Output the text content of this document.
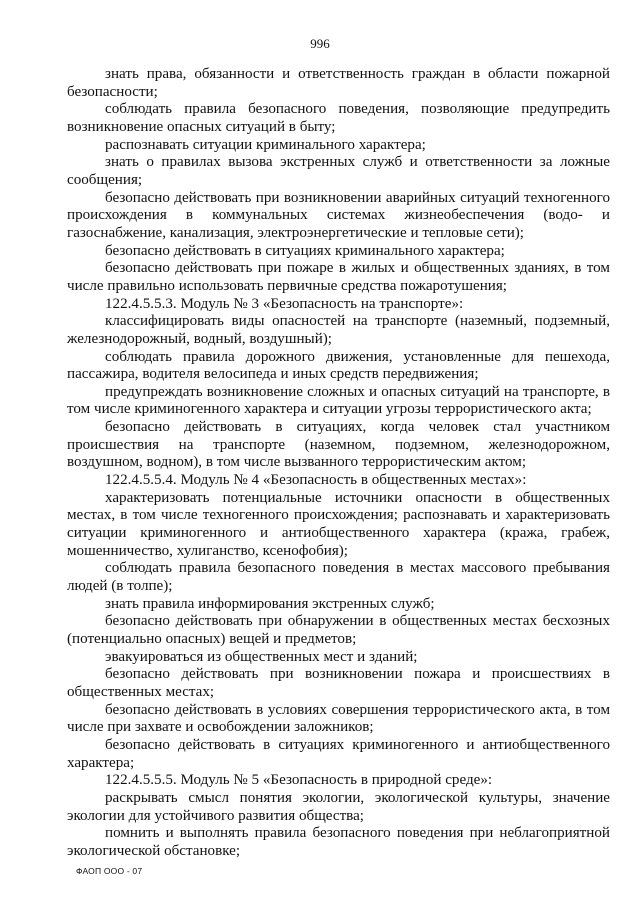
996

знать права, обязанности и ответственность граждан в области пожарной безопасности;

соблюдать правила безопасного поведения, позволяющие предупредить возникновение опасных ситуаций в быту;

распознавать ситуации криминального характера;

знать о правилах вызова экстренных служб и ответственности за ложные сообщения;

безопасно действовать при возникновении аварийных ситуаций техногенного происхождения в коммунальных системах жизнеобеспечения (водо- и газоснабжение, канализация, электроэнергетические и тепловые сети);

безопасно действовать в ситуациях криминального характера;

безопасно действовать при пожаре в жилых и общественных зданиях, в том числе правильно использовать первичные средства пожаротушения;

122.4.5.5.3. Модуль № 3 «Безопасность на транспорте»:

классифицировать виды опасностей на транспорте (наземный, подземный, железнодорожный, водный, воздушный);

соблюдать правила дорожного движения, установленные для пешехода, пассажира, водителя велосипеда и иных средств передвижения;

предупреждать возникновение сложных и опасных ситуаций на транспорте, в том числе криминогенного характера и ситуации угрозы террористического акта;

безопасно действовать в ситуациях, когда человек стал участником происшествия на транспорте (наземном, подземном, железнодорожном, воздушном, водном), в том числе вызванного террористическим актом;

122.4.5.5.4. Модуль № 4 «Безопасность в общественных местах»:

характеризовать потенциальные источники опасности в общественных местах, в том числе техногенного происхождения; распознавать и характеризовать ситуации криминогенного и антиобщественного характера (кража, грабеж, мошенничество, хулиганство, ксенофобия);

соблюдать правила безопасного поведения в местах массового пребывания людей (в толпе);

знать правила информирования экстренных служб;

безопасно действовать при обнаружении в общественных местах бесхозных (потенциально опасных) вещей и предметов;

эвакуироваться из общественных мест и зданий;

безопасно действовать при возникновении пожара и происшествиях в общественных местах;

безопасно действовать в условиях совершения террористического акта, в том числе при захвате и освобождении заложников;

безопасно действовать в ситуациях криминогенного и антиобщественного характера;

122.4.5.5.5. Модуль № 5 «Безопасность в природной среде»:

раскрывать смысл понятия экологии, экологической культуры, значение экологии для устойчивого развития общества;

помнить и выполнять правила безопасного поведения при неблагоприятной экологической обстановке;

ФАОП ООО - 07
